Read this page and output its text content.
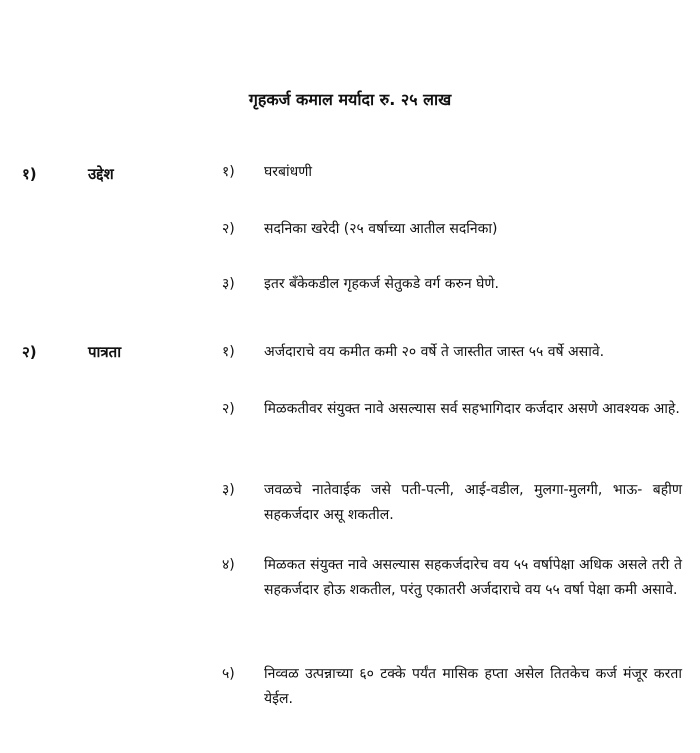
गृहकर्ज कमाल मर्यादा रु. २५ लाख
१)	उद्देश	१) घरबांधणी
२) सदनिका खरेदी (२५ वर्षाच्या आतील सदनिका)
३) इतर बँकेकडील गृहकर्ज सेतुकडे वर्ग करुन घेणे.
२)	पात्रता	१) अर्जदाराचे वय कमीत कमी २० वर्षे ते जास्तीत जास्त ५५ वर्षे असावे.
२) मिळकतीवर संयुक्त नावे असल्यास सर्व सहभागिदार कर्जदार असणे आवश्यक आहे.
३) जवळचे नातेवाईक जसे पती-पत्नी, आई-वडील, मुलगा-मुलगी, भाऊ- बहीण सहकर्जदार असू शकतील.
४) मिळकत संयुक्त नावे असल्यास सहकर्जदारेच वय ५५ वर्षापेक्षा अधिक असले तरी ते सहकर्जदार होऊ शकतील, परंतु एकातरी अर्जदाराचे वय ५५ वर्षा पेक्षा कमी असावे.
५) निव्वळ उत्पन्नाच्या ६० टक्के पर्यंत मासिक हप्ता असेल तितकेच कर्ज मंजूर करता येईल.
